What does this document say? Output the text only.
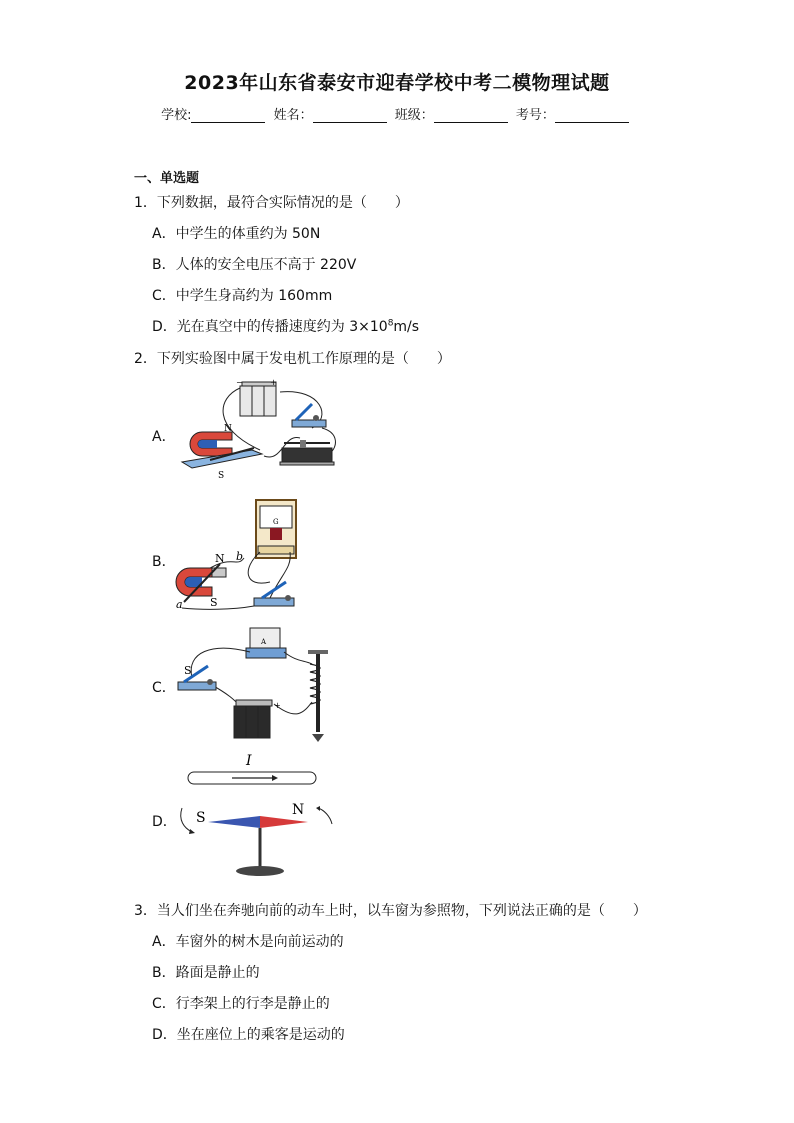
2023年山东省泰安市迎春学校中考二模物理试题
学校:	姓名：	班级：	考号：
一、单选题
1．下列数据，最符合实际情况的是（　　）
A．中学生的体重约为 50N
B．人体的安全电压不高于 220V
C．中学生身高约为 160mm
D．光在真空中的传播速度约为 $3\times 10^8m/s$
2．下列实验图中属于发电机工作原理的是（　　）
A．
B．
C．
D．
−	+
N
S
G
N
S
b
a
A
S
+
I
S	N
3．当人们坐在奔驰向前的动车上时，以车窗为参照物，下列说法正确的是（　　）
A．车窗外的树木是向前运动的
B．路面是静止的
C．行李架上的行李是静止的
D．坐在座位上的乘客是运动的
